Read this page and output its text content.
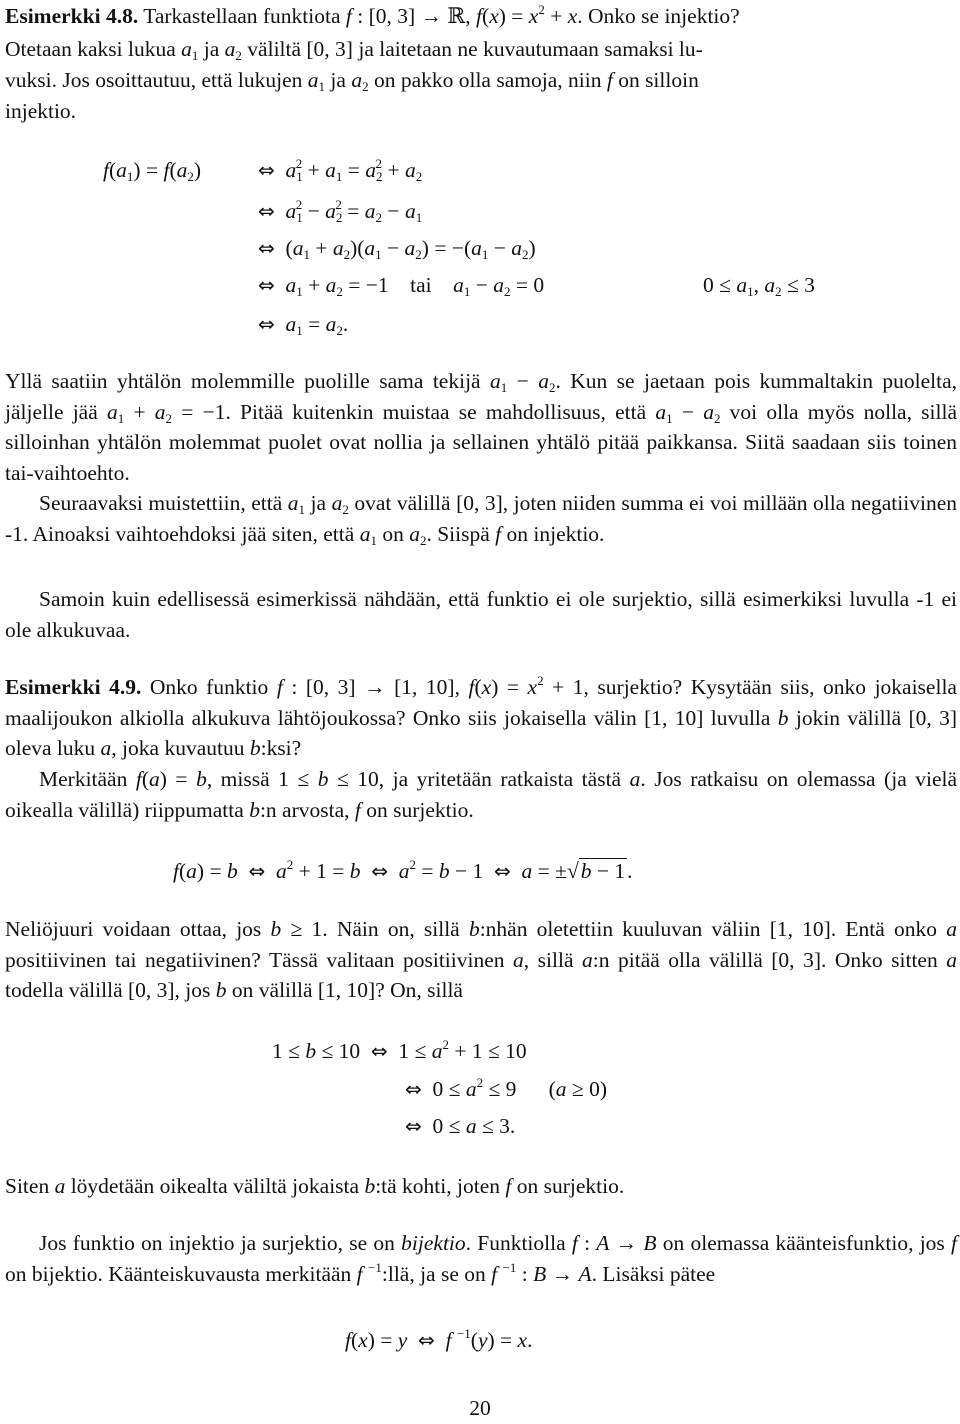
Esimerkki 4.8. Tarkastellaan funktiota f : [0, 3] → ℝ, $f(x) = x^2 + x$. Onko se injektio?

Otetaan kaksi lukua $a_1$ ja $a_2$ väliltä [0, 3] ja laitetaan ne kuvautumaan samaksi lu-

vuksi. Jos osoittautuu, että lukujen $a_1$ ja $a_2$ on pakko olla samoja, niin f on silloin

injektio.

$f(a_1) = f(a_2)$	⇔ $a_1^2 + a_1 = a_2^2 + a_2$
⇔ $a_1^2 - a_2^2 = a_2 - a_1$
⇔  $(a_1 + a_2)(a_1 - a_2) = -(a_1 - a_2)$
⇔ $a_1 + a_2 = -1$    tai    $a_1 - a_2 = 0$	$0 \le a_1$, $a_2 \le 3$
⇔ $a_1 = a_2$.

Yllä saatiin yhtälön molemmille puolille sama tekijä $a_1 - a_2$. Kun se jaetaan pois kummaltakin puolelta, jäljelle jää $a_1 + a_2 = -1$. Pitää kuitenkin muistaa se mahdollisuus, että $a_1 - a_2$ voi olla myös nolla, sillä silloinhan yhtälön molemmat puolet ovat nollia ja sellainen yhtälö pitää paikkansa. Siitä saadaan siis toinen tai-vaihtoehto.

Seuraavaksi muistettiin, että $a_1$ ja $a_2$ ovat välillä [0, 3], joten niiden summa ei voi millään olla negatiivinen -1. Ainoaksi vaihtoehdoksi jää siten, että $a_1$ on $a_2$. Siispä f on injektio.

Samoin kuin edellisessä esimerkissä nähdään, että funktio ei ole surjektio, sillä esimerkiksi luvulla -1 ei ole alkukuvaa.

Esimerkki 4.9. Onko funktio f : [0, 3] → [1, 10], $f(x) = x^2 + 1$, surjektio? Kysytään siis, onko jokaisella maalijoukon alkiolla alkukuva lähtöjoukossa? Onko siis jokaisella välin [1, 10] luvulla b jokin välillä [0, 3] oleva luku a, joka kuvautuu b:ksi?

Merkitään f(a) = b, missä 1 ≤ b ≤ 10, ja yritetään ratkaista tästä a. Jos ratkaisu on olemassa (ja vielä oikealla välillä) riippumatta b:n arvosta, f on surjektio.

f(a) = b ⇔ $a^2 + 1 = b$ ⇔ $a^2 = b - 1$  ⇔ a = ±√b − 1.

Neliöjuuri voidaan ottaa, jos b ≥ 1. Näin on, sillä b:nhän oletettiin kuuluvan väliin [1, 10]. Entä onko a positiivinen tai negatiivinen? Tässä valitaan positiivinen a, sillä a:n pitää olla välillä [0, 3]. Onko sitten a todella välillä [0, 3], jos b on välillä [1, 10]? On, sillä

1 ≤ b ≤ 10  ⇔  $1 \le a^2 + 1 \le 10$
⇔  $0 \le a^2 \le 9$      (a ≥ 0)
⇔  0 ≤ a ≤ 3.

Siten a löydetään oikealta väliltä jokaista b:tä kohti, joten f on surjektio.

Jos funktio on injektio ja surjektio, se on bijektio. Funktiolla f : A → B on olemassa käänteisfunktio, jos f on bijektio. Käänteiskuvausta merkitään f $^{-1}$:llä, ja se on f $^{-1}$ : B → A. Lisäksi pätee

f(x) = y ⇔ f $^{-1}$(y) = x.
20
